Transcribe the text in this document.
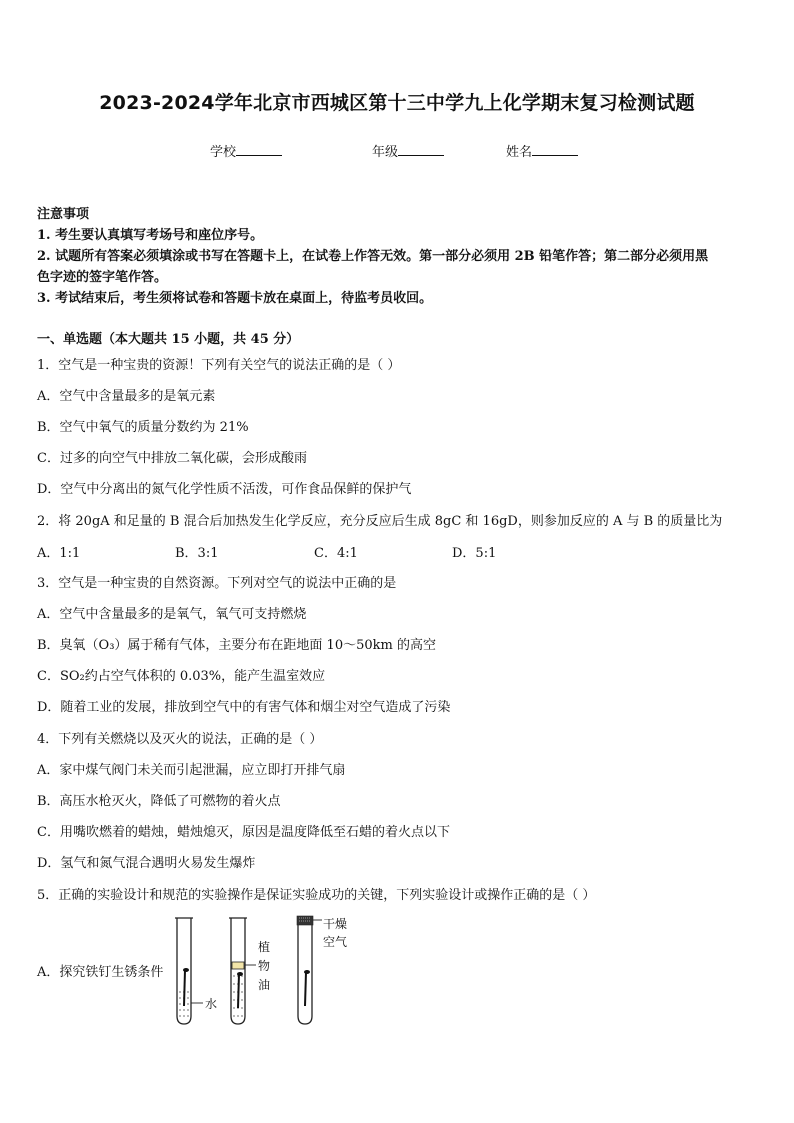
2023-2024学年北京市西城区第十三中学九上化学期末复习检测试题
学校	年级	姓名
注意事项
1. 考生要认真填写考场号和座位序号。
2. 试题所有答案必须填涂或书写在答题卡上，在试卷上作答无效。第一部分必须用 2B 铅笔作答；第二部分必须用黑
色字迹的签字笔作答。
3. 考试结束后，考生须将试卷和答题卡放在桌面上，待监考员收回。
一、单选题（本大题共 15 小题，共 45 分）
1．空气是一种宝贵的资源！下列有关空气的说法正确的是（ ）
A．空气中含量最多的是氧元素
B．空气中氧气的质量分数约为 21%
C．过多的向空气中排放二氧化碳，会形成酸雨
D．空气中分离出的氮气化学性质不活泼，可作食品保鲜的保护气
2．将 20gA 和足量的 B 混合后加热发生化学反应，充分反应后生成 8gC 和 16gD，则参加反应的 A 与 B 的质量比为
A．1:1	B．3:1	C．4:1	D．5:1
3．空气是一种宝贵的自然资源。下列对空气的说法中正确的是
A．空气中含量最多的是氧气，氧气可支持燃烧
B．臭氧（O₃）属于稀有气体，主要分布在距地面 10～50km 的高空
C．SO₂约占空气体积的 0.03%，能产生温室效应
D．随着工业的发展，排放到空气中的有害气体和烟尘对空气造成了污染
4．下列有关燃烧以及灭火的说法，正确的是（ ）
A．家中煤气阀门未关而引起泄漏，应立即打开排气扇
B．高压水枪灭火，降低了可燃物的着火点
C．用嘴吹燃着的蜡烛，蜡烛熄灭，原因是温度降低至石蜡的着火点以下
D．氢气和氮气混合遇明火易发生爆炸
5．正确的实验设计和规范的实验操作是保证实验成功的关键，下列实验设计或操作正确的是（ ）
A．探究铁钉生锈条件
水
植
物
油
干燥
空气
